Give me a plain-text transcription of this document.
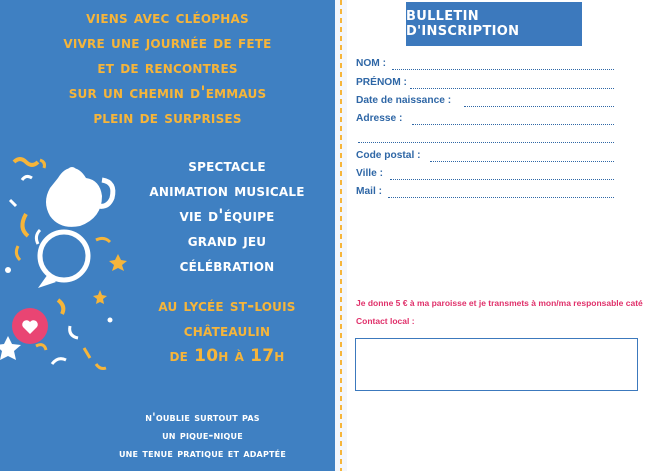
viens avec cléophas
vivre une journée de fete
et de rencontres
sur un chemin d'emmaus
plein de surprises
spectacle
animation musicale
vie d'équipe
grand jeu
célébration
au lycée st-louis
châteaulin
de 10h à 17h
n'oublie surtout pas
un pique-nique
une tenue pratique et adaptée
BULLETIN D'INSCRIPTION
NOM :
PRÉNOM :
Date de naissance :
Adresse :
Code postal :
Ville :
Mail :
Je donne 5 € à ma paroisse et je transmets à mon/ma responsable caté
Contact local :
